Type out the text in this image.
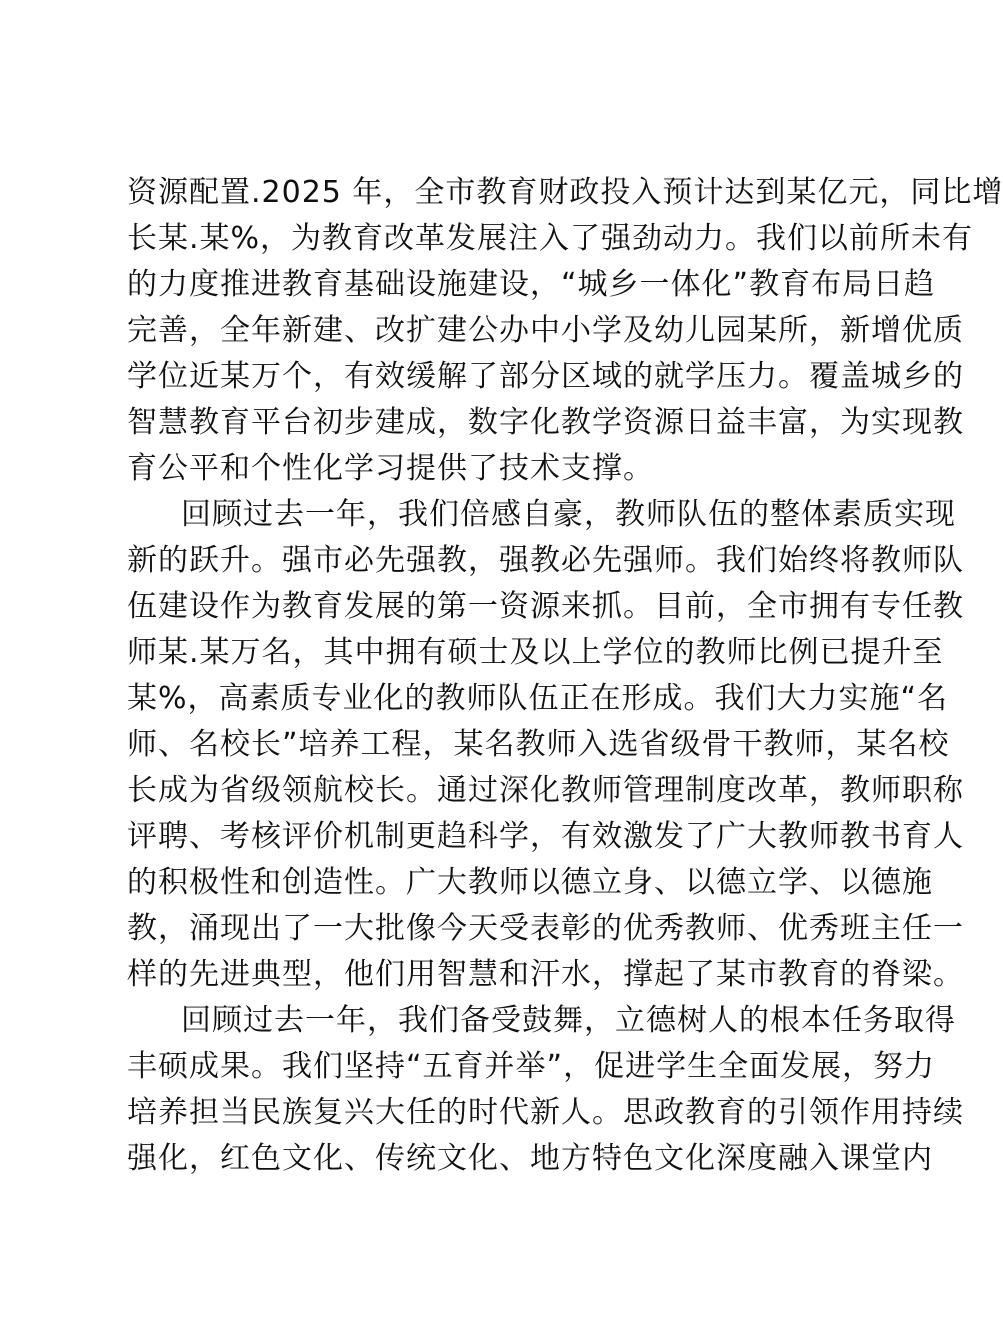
资源配置.2025 年，全市教育财政投入预计达到某亿元，同比增
长某.某%，为教育改革发展注入了强劲动力。我们以前所未有
的力度推进教育基础设施建设，“城乡一体化”教育布局日趋
完善，全年新建、改扩建公办中小学及幼儿园某所，新增优质
学位近某万个，有效缓解了部分区域的就学压力。覆盖城乡的
智慧教育平台初步建成，数字化教学资源日益丰富，为实现教
育公平和个性化学习提供了技术支撑。
回顾过去一年，我们倍感自豪，教师队伍的整体素质实现
新的跃升。强市必先强教，强教必先强师。我们始终将教师队
伍建设作为教育发展的第一资源来抓。目前，全市拥有专任教
师某.某万名，其中拥有硕士及以上学位的教师比例已提升至
某%，高素质专业化的教师队伍正在形成。我们大力实施“名
师、名校长”培养工程，某名教师入选省级骨干教师，某名校
长成为省级领航校长。通过深化教师管理制度改革，教师职称
评聘、考核评价机制更趋科学，有效激发了广大教师教书育人
的积极性和创造性。广大教师以德立身、以德立学、以德施
教，涌现出了一大批像今天受表彰的优秀教师、优秀班主任一
样的先进典型，他们用智慧和汗水，撑起了某市教育的脊梁。
回顾过去一年，我们备受鼓舞，立德树人的根本任务取得
丰硕成果。我们坚持“五育并举”，促进学生全面发展，努力
培养担当民族复兴大任的时代新人。思政教育的引领作用持续
强化，红色文化、传统文化、地方特色文化深度融入课堂内
